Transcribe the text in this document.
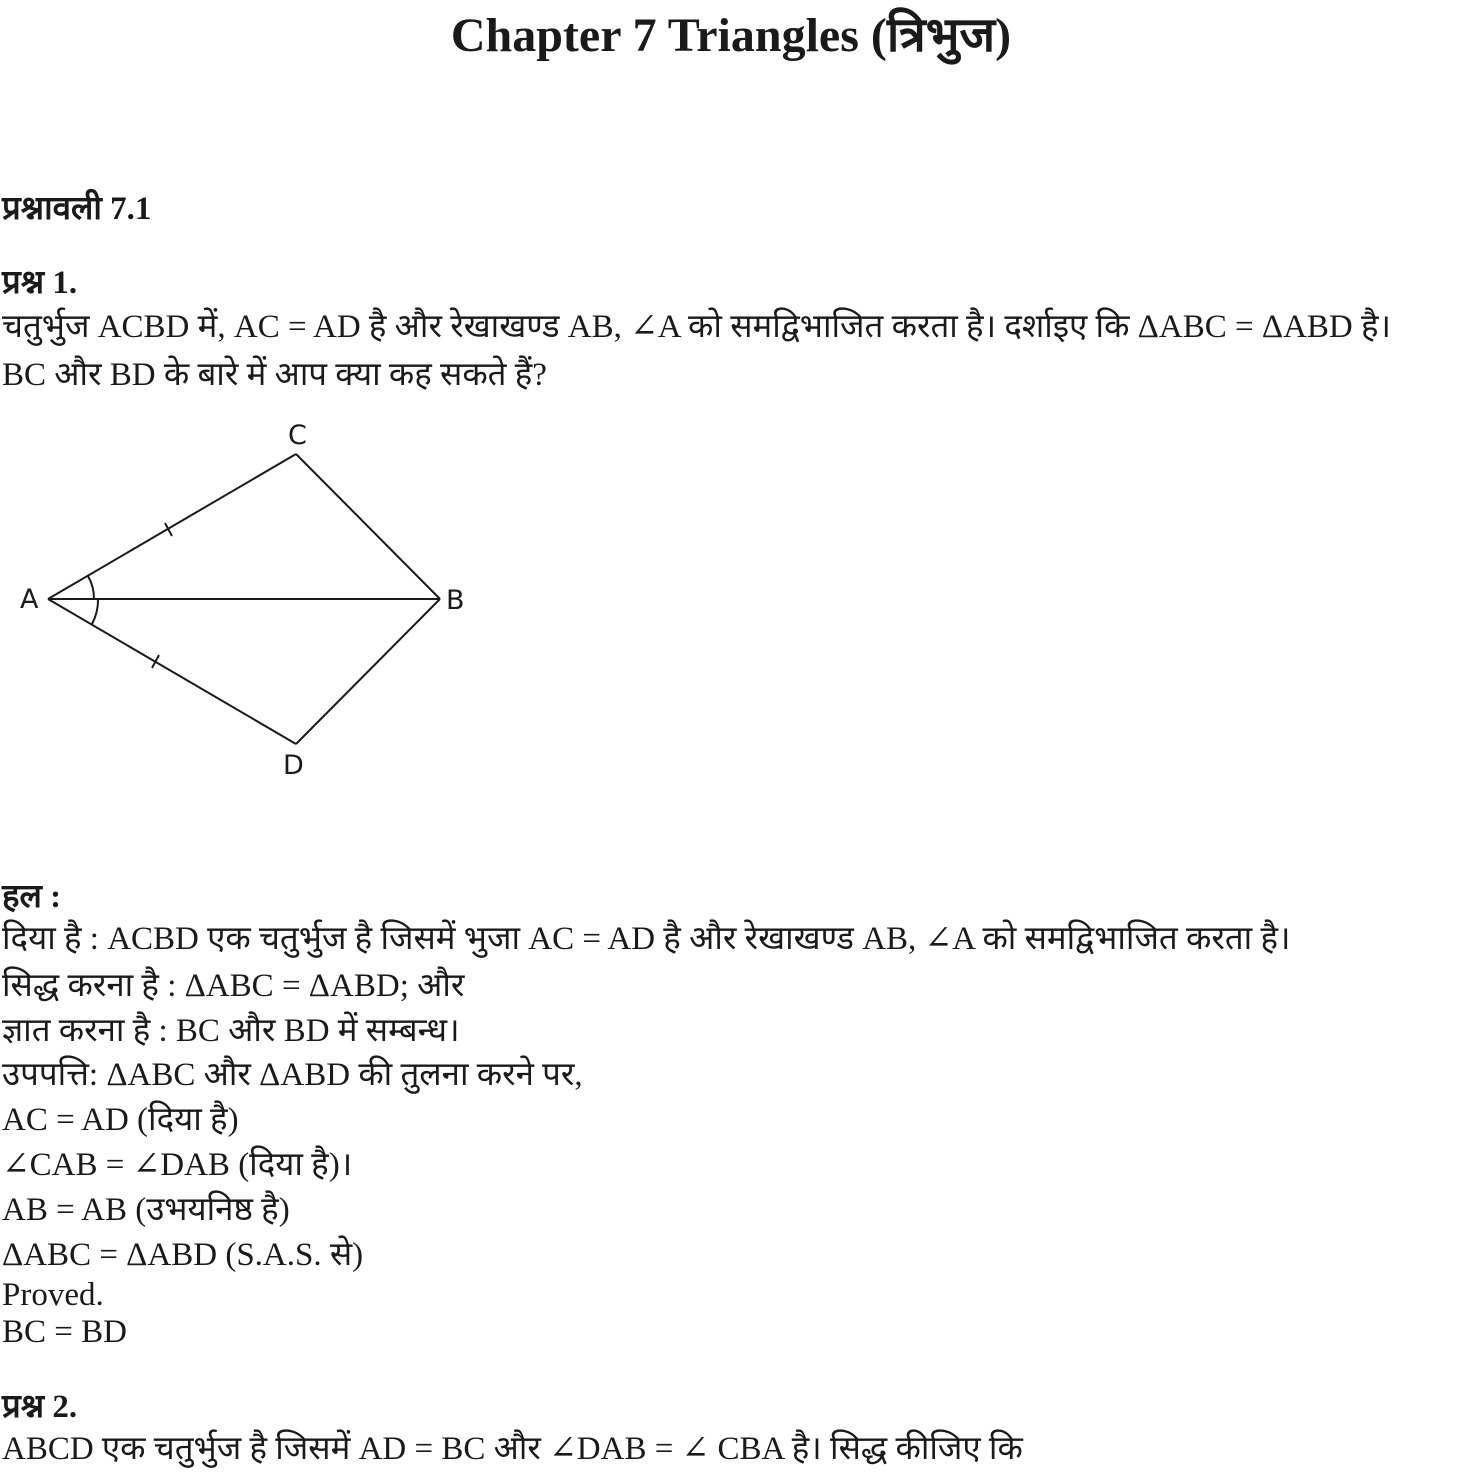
Chapter 7 Triangles (त्रिभुज)
प्रश्नावली 7.1
प्रश्न 1.
चतुर्भुज ACBD में, AC = AD है और रेखाखण्ड AB, ∠A को समद्विभाजित करता है। दर्शाइए कि ΔABC = ΔABD है।
BC और BD के बारे में आप क्या कह सकते हैं?
C
A	B
D
हल :
दिया है : ACBD एक चतुर्भुज है जिसमें भुजा AC = AD है और रेखाखण्ड AB, ∠A को समद्विभाजित करता है।
सिद्ध करना है : ΔABC = ΔABD; और
ज्ञात करना है : BC और BD में सम्बन्ध।
उपपत्ति: ΔABC और ΔABD की तुलना करने पर,
AC = AD (दिया है)
∠CAB = ∠DAB (दिया है)।
AB = AB (उभयनिष्ठ है)
ΔABC = ΔABD (S.A.S. से)
Proved.
BC = BD
प्रश्न 2.
ABCD एक चतुर्भुज है जिसमें AD = BC और ∠DAB = ∠ CBA है। सिद्ध कीजिए कि
